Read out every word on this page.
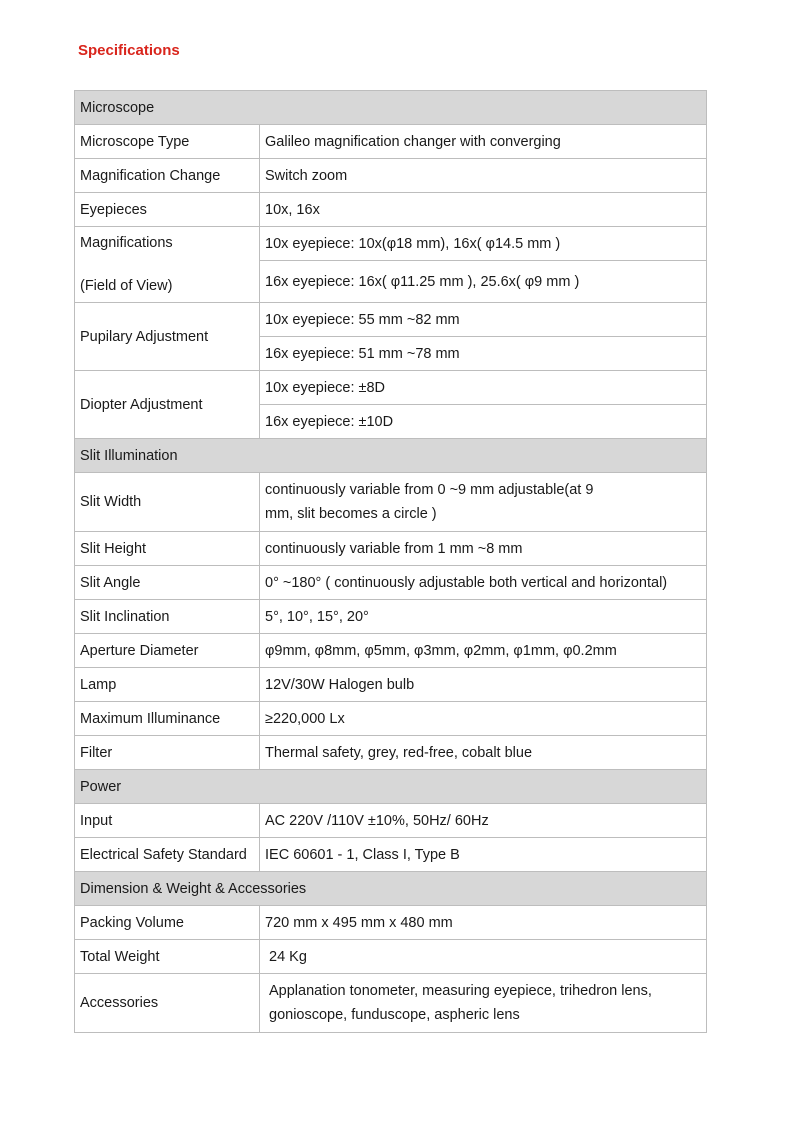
Specifications
Microscope	
Microscope Type	Galileo magnification changer with converging
Magnification Change	Switch zoom
Eyepieces	10x, 16x

Magnifications
(Field of View)	10x eyepiece: 10x(φ18 mm), 16x( φ14.5 mm )
	16x eyepiece: 16x( φ11.25 mm ), 25.6x( φ9 mm )
Pupilary Adjustment	10x eyepiece: 55 mm ~82 mm
	16x eyepiece: 51 mm ~78 mm
Diopter Adjustment	10x eyepiece: ±8D
	16x eyepiece: ±10D
Slit Illumination	
Slit Width	continuously variable from 0 ~9 mm adjustable(at 9
mm, slit becomes a circle )

Slit Height	continuously variable from 1 mm ~8 mm
Slit Angle	0° ~180° ( continuously adjustable both vertical and horizontal)
Slit Inclination	5°, 10°, 15°, 20°
Aperture Diameter	φ9mm, φ8mm, φ5mm, φ3mm, φ2mm, φ1mm, φ0.2mm
Lamp	12V/30W Halogen bulb
Maximum Illuminance	≥220,000 Lx
Filter	Thermal safety, grey, red-free, cobalt blue
Power	
Input	AC 220V /110V ±10%, 50Hz/ 60Hz
Electrical Safety Standard	IEC 60601 - 1, Class I, Type B
Dimension & Weight & Accessories	
Packing Volume	720 mm x 495 mm x 480 mm
Total Weight	24 Kg
Accessories	Applanation tonometer, measuring eyepiece, trihedron lens,
gonioscope, funduscope, aspheric lens
